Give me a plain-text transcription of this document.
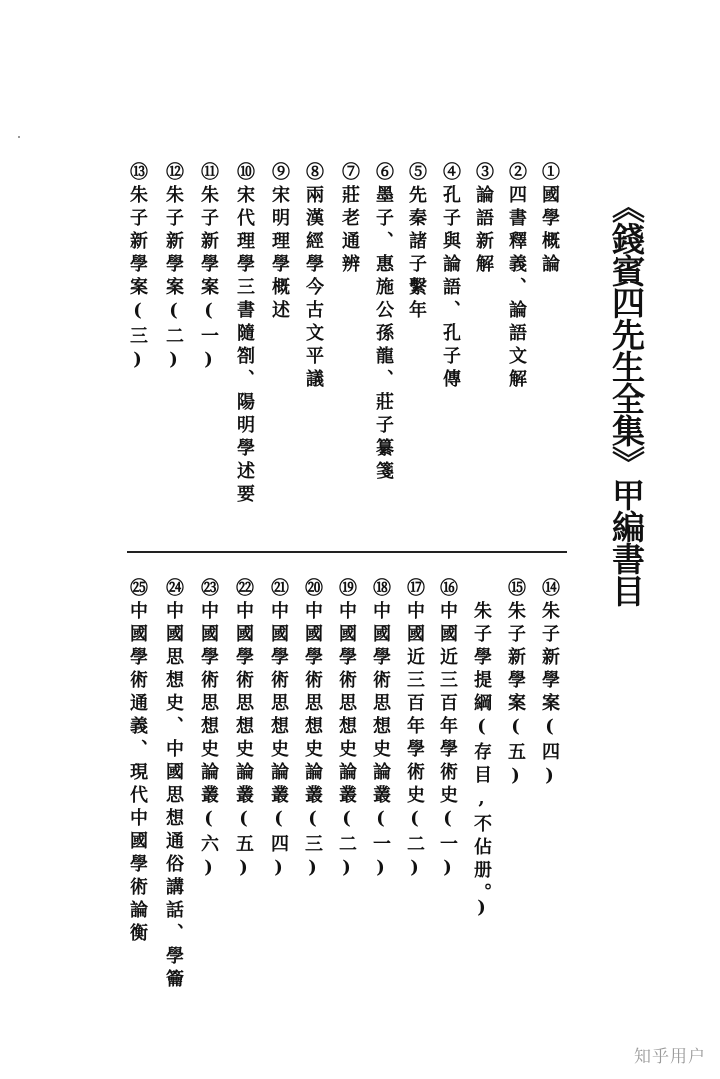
《錢賓四先生全集》甲編書目
①國學概論
②四書釋義、論語文解
③論語新解
④孔子與論語、孔子傳
⑤先秦諸子繫年
⑥墨子、惠施公孫龍、莊子纂箋
⑦莊老通辨
⑧兩漢經學今古文平議
⑨宋明理學概述
⑩宋代理學三書隨劄、陽明學述要
⑪朱子新學案(一)
⑫朱子新學案(二)
⑬朱子新學案(三)
⑭朱子新學案(四)
⑮朱子新學案(五)
　朱子學提綱(存目,不佔册。)
⑯中國近三百年學術史(一)
⑰中國近三百年學術史(二)
⑱中國學術思想史論叢(一)
⑲中國學術思想史論叢(二)
⑳中國學術思想史論叢(三)
㉑中國學術思想史論叢(四)
㉒中國學術思想史論叢(五)
㉓中國學術思想史論叢(六)
㉔中國思想史、中國思想通俗講話、學籥
㉕中國學術通義、現代中國學術論衡
知乎用户
